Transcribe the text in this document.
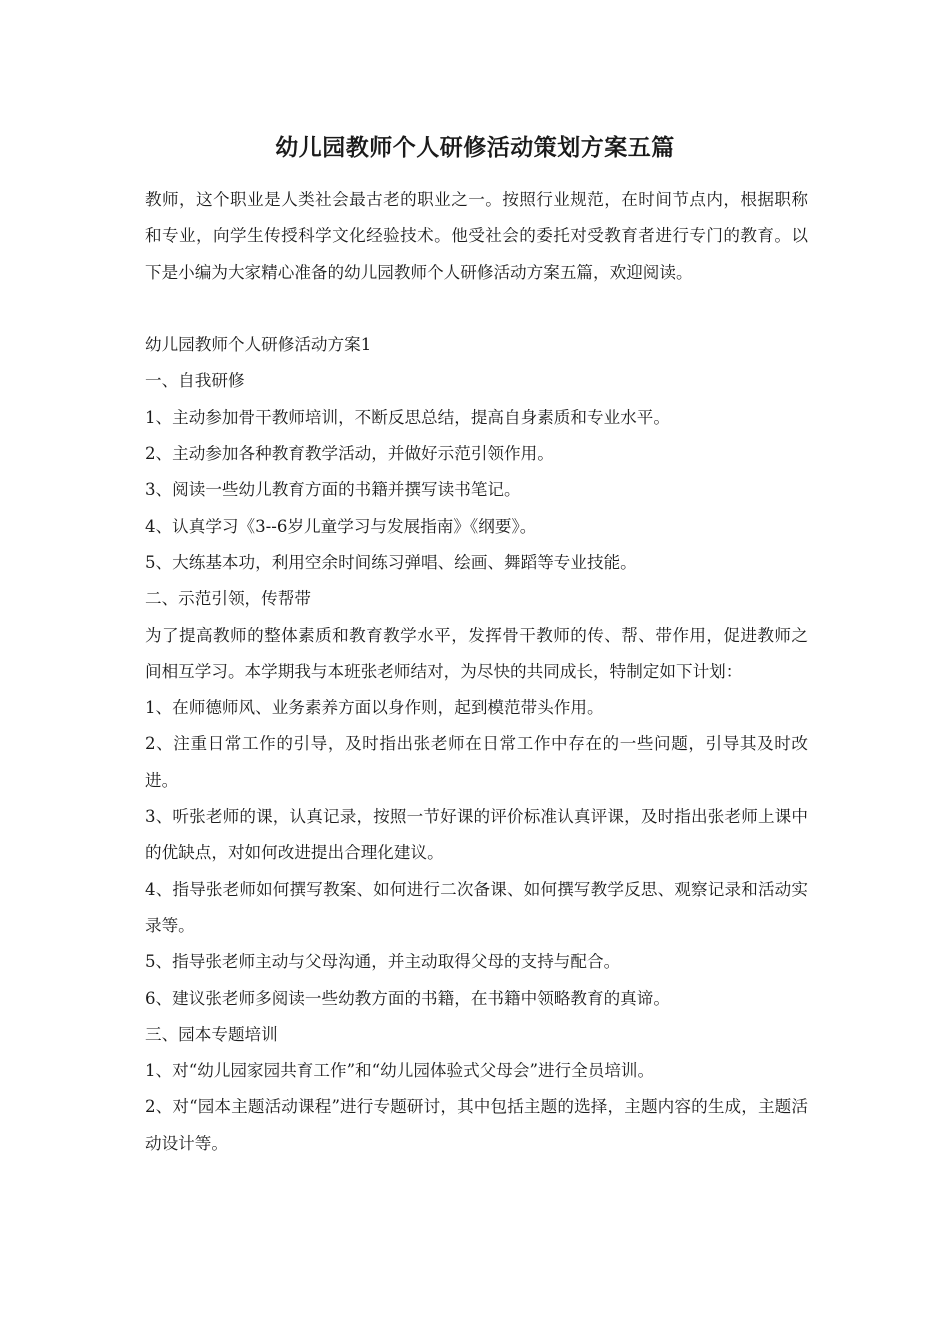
幼儿园教师个人研修活动策划方案五篇

教师，这个职业是人类社会最古老的职业之一。按照行业规范，在时间节点内，根据职称和专业，向学生传授科学文化经验技术。他受社会的委托对受教育者进行专门的教育。以下是小编为大家精心准备的幼儿园教师个人研修活动方案五篇，欢迎阅读。

幼儿园教师个人研修活动方案1

一、自我研修

1、主动参加骨干教师培训，不断反思总结，提高自身素质和专业水平。

2、主动参加各种教育教学活动，并做好示范引领作用。

3、阅读一些幼儿教育方面的书籍并撰写读书笔记。

4、认真学习《3--6岁儿童学习与发展指南》《纲要》。

5、大练基本功，利用空余时间练习弹唱、绘画、舞蹈等专业技能。

二、示范引领，传帮带

为了提高教师的整体素质和教育教学水平，发挥骨干教师的传、帮、带作用，促进教师之间相互学习。本学期我与本班张老师结对，为尽快的共同成长，特制定如下计划：

1、在师德师风、业务素养方面以身作则，起到模范带头作用。

2、注重日常工作的引导，及时指出张老师在日常工作中存在的一些问题，引导其及时改进。

3、听张老师的课，认真记录，按照一节好课的评价标准认真评课，及时指出张老师上课中的优缺点，对如何改进提出合理化建议。

4、指导张老师如何撰写教案、如何进行二次备课、如何撰写教学反思、观察记录和活动实录等。

5、指导张老师主动与父母沟通，并主动取得父母的支持与配合。

6、建议张老师多阅读一些幼教方面的书籍，在书籍中领略教育的真谛。

三、园本专题培训

1、对“幼儿园家园共育工作”和“幼儿园体验式父母会”进行全员培训。

2、对“园本主题活动课程”进行专题研讨，其中包括主题的选择，主题内容的生成，主题活动设计等。
